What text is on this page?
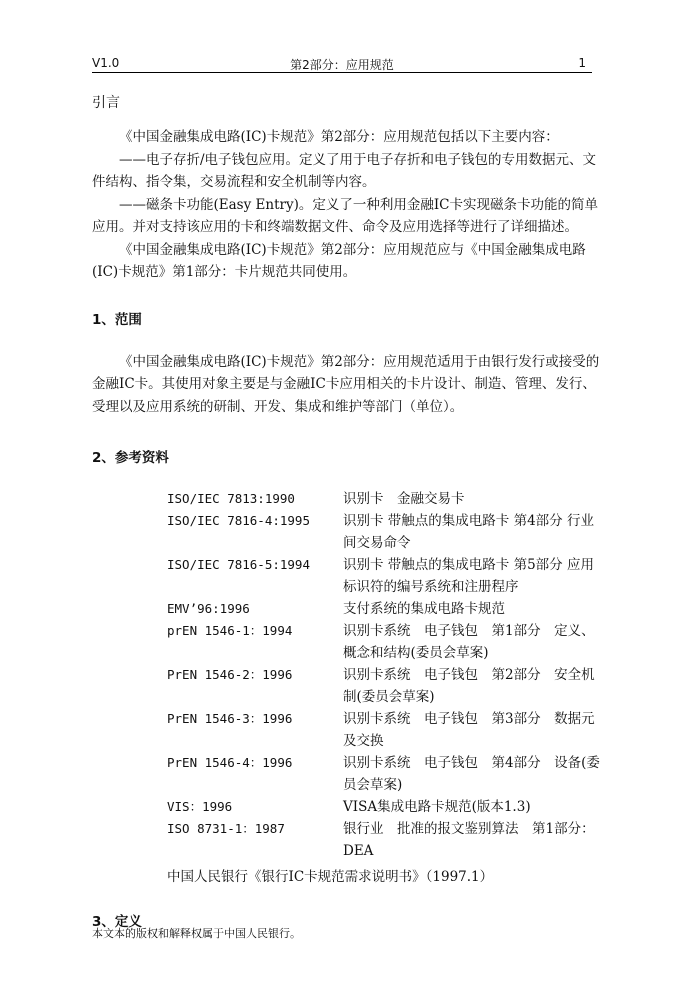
V1.0	第2部分：应用规范	1
引言

《中国金融集成电路(IC)卡规范》第2部分：应用规范包括以下主要内容：

——电子存折/电子钱包应用。定义了用于电子存折和电子钱包的专用数据元、文件结构、指令集，交易流程和安全机制等内容。

——磁条卡功能(Easy Entry)。定义了一种利用金融IC卡实现磁条卡功能的简单应用。并对支持该应用的卡和终端数据文件、命令及应用选择等进行了详细描述。

《中国金融集成电路(IC)卡规范》第2部分：应用规范应与《中国金融集成电路(IC)卡规范》第1部分：卡片规范共同使用。

1、范围

《中国金融集成电路(IC)卡规范》第2部分：应用规范适用于由银行发行或接受的金融IC卡。其使用对象主要是与金融IC卡应用相关的卡片设计、制造、管理、发行、受理以及应用系统的研制、开发、集成和维护等部门（单位）。

2、参考资料
ISO/IEC 7813:1990	识别卡　金融交易卡
ISO/IEC 7816-4:1995	识别卡 带触点的集成电路卡 第4部分 行业间交易命令
ISO/IEC 7816-5:1994	识别卡 带触点的集成电路卡 第5部分 应用标识符的编号系统和注册程序
EMV’96:1996	支付系统的集成电路卡规范
prEN 1546-1：1994	识别卡系统　电子钱包　第1部分　定义、概念和结构(委员会草案)
PrEN 1546-2：1996	识别卡系统　电子钱包　第2部分　安全机制(委员会草案)
PrEN 1546-3：1996	识别卡系统　电子钱包　第3部分　数据元及交换
PrEN 1546-4：1996	识别卡系统　电子钱包　第4部分　设备(委员会草案)
VIS：1996	VISA集成电路卡规范(版本1.3)
ISO 8731-1：1987	银行业　批准的报文鉴别算法　第1部分：DEA
中国人民银行《银行IC卡规范需求说明书》（1997.1）
3、定义
本文本的版权和解释权属于中国人民银行。
